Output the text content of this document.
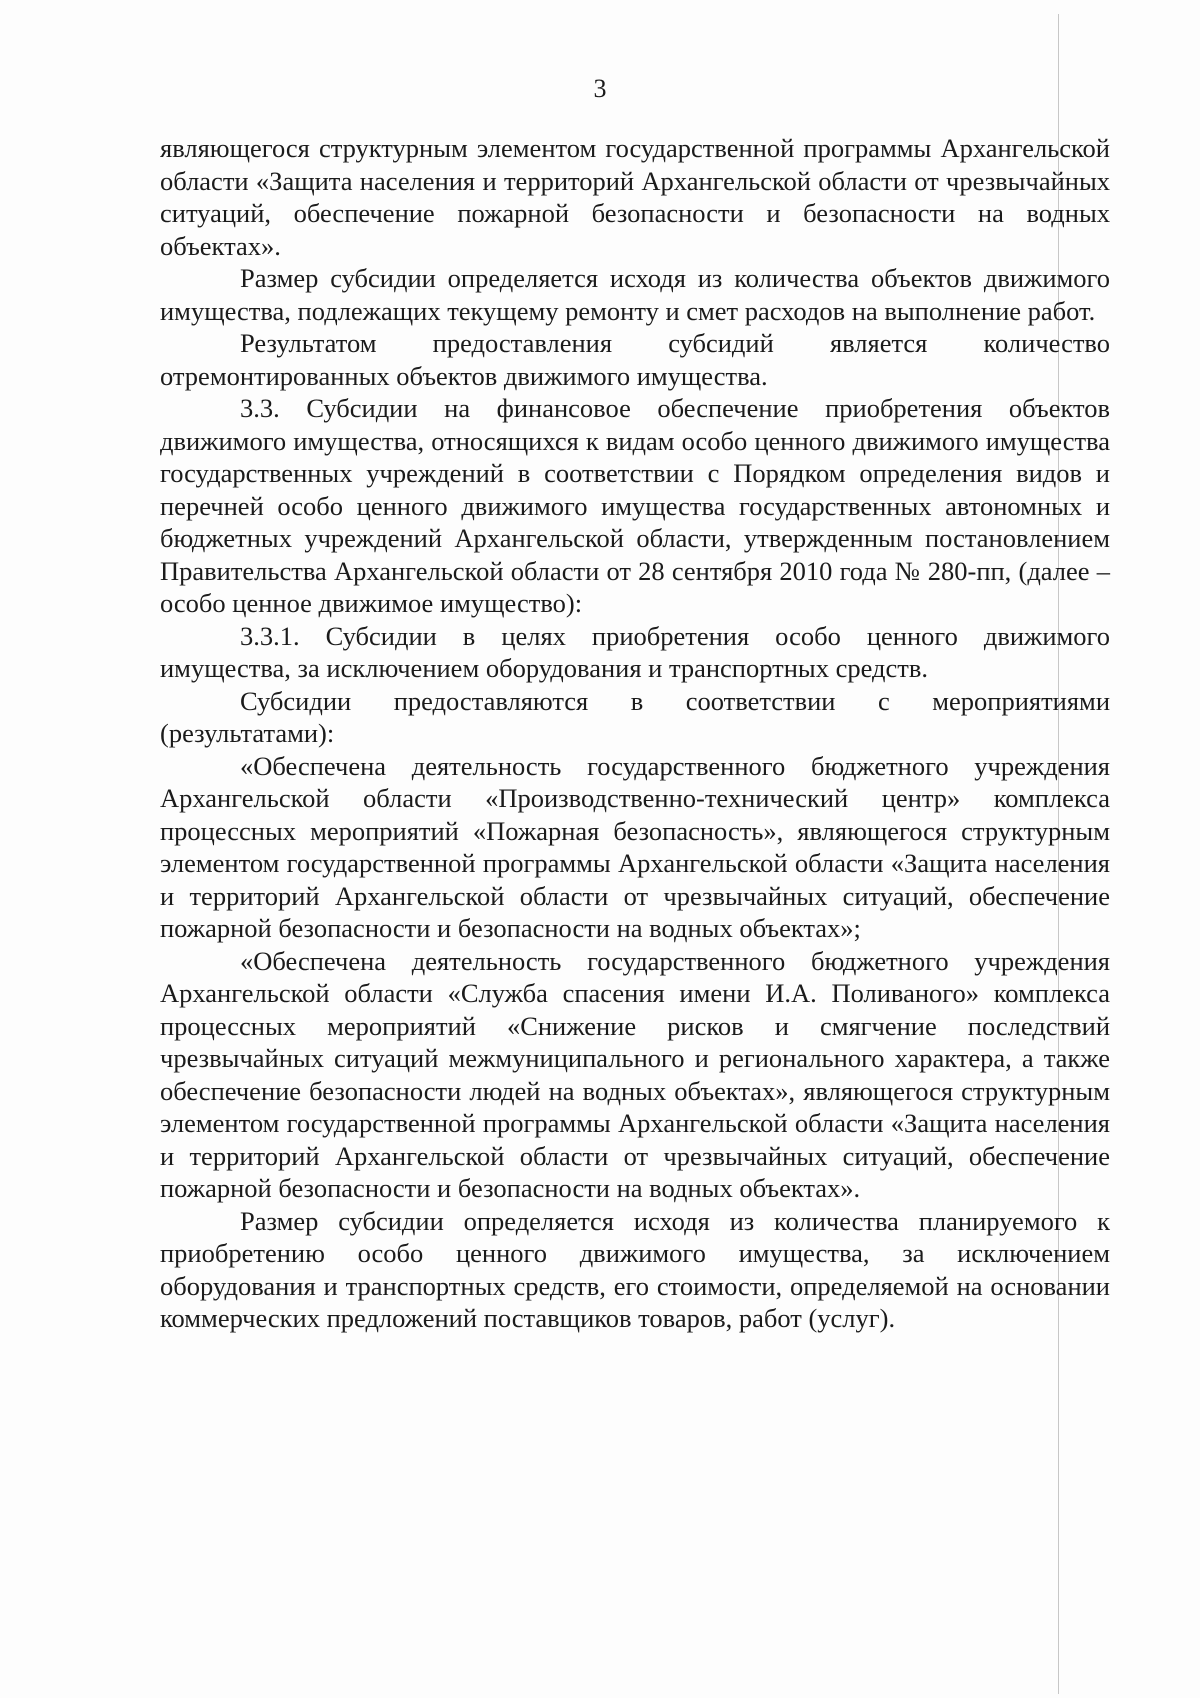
3

являющегося структурным элементом государственной программы Архангельской области «Защита населения и территорий Архангельской области от чрезвычайных ситуаций, обеспечение пожарной безопасности и безопасности на водных объектах».

Размер субсидии определяется исходя из количества объектов движимого имущества, подлежащих текущему ремонту и смет расходов на выполнение работ.

Результатом предоставления субсидий является количество отремонтированных объектов движимого имущества.

3.3. Субсидии на финансовое обеспечение приобретения объектов движимого имущества, относящихся к видам особо ценного движимого имущества государственных учреждений в соответствии с Порядком определения видов и перечней особо ценного движимого имущества государственных автономных и бюджетных учреждений Архангельской области, утвержденным постановлением Правительства Архангельской области от 28 сентября 2010 года № 280-пп, (далее – особо ценное движимое имущество):

3.3.1. Субсидии в целях приобретения особо ценного движимого имущества, за исключением оборудования и транспортных средств.

Субсидии предоставляются в соответствии с мероприятиями (результатами):

«Обеспечена деятельность государственного бюджетного учреждения Архангельской области «Производственно-технический центр» комплекса процессных мероприятий «Пожарная безопасность», являющегося структурным элементом государственной программы Архангельской области «Защита населения и территорий Архангельской области от чрезвычайных ситуаций, обеспечение пожарной безопасности и безопасности на водных объектах»;

«Обеспечена деятельность государственного бюджетного учреждения Архангельской области «Служба спасения имени И.А. Поливаного» комплекса процессных мероприятий «Снижение рисков и смягчение последствий чрезвычайных ситуаций межмуниципального и регионального характера, а также обеспечение безопасности людей на водных объектах», являющегося структурным элементом государственной программы Архангельской области «Защита населения и территорий Архангельской области от чрезвычайных ситуаций, обеспечение пожарной безопасности и безопасности на водных объектах».

Размер субсидии определяется исходя из количества планируемого к приобретению особо ценного движимого имущества, за исключением оборудования и транспортных средств, его стоимости, определяемой на основании коммерческих предложений поставщиков товаров, работ (услуг).
